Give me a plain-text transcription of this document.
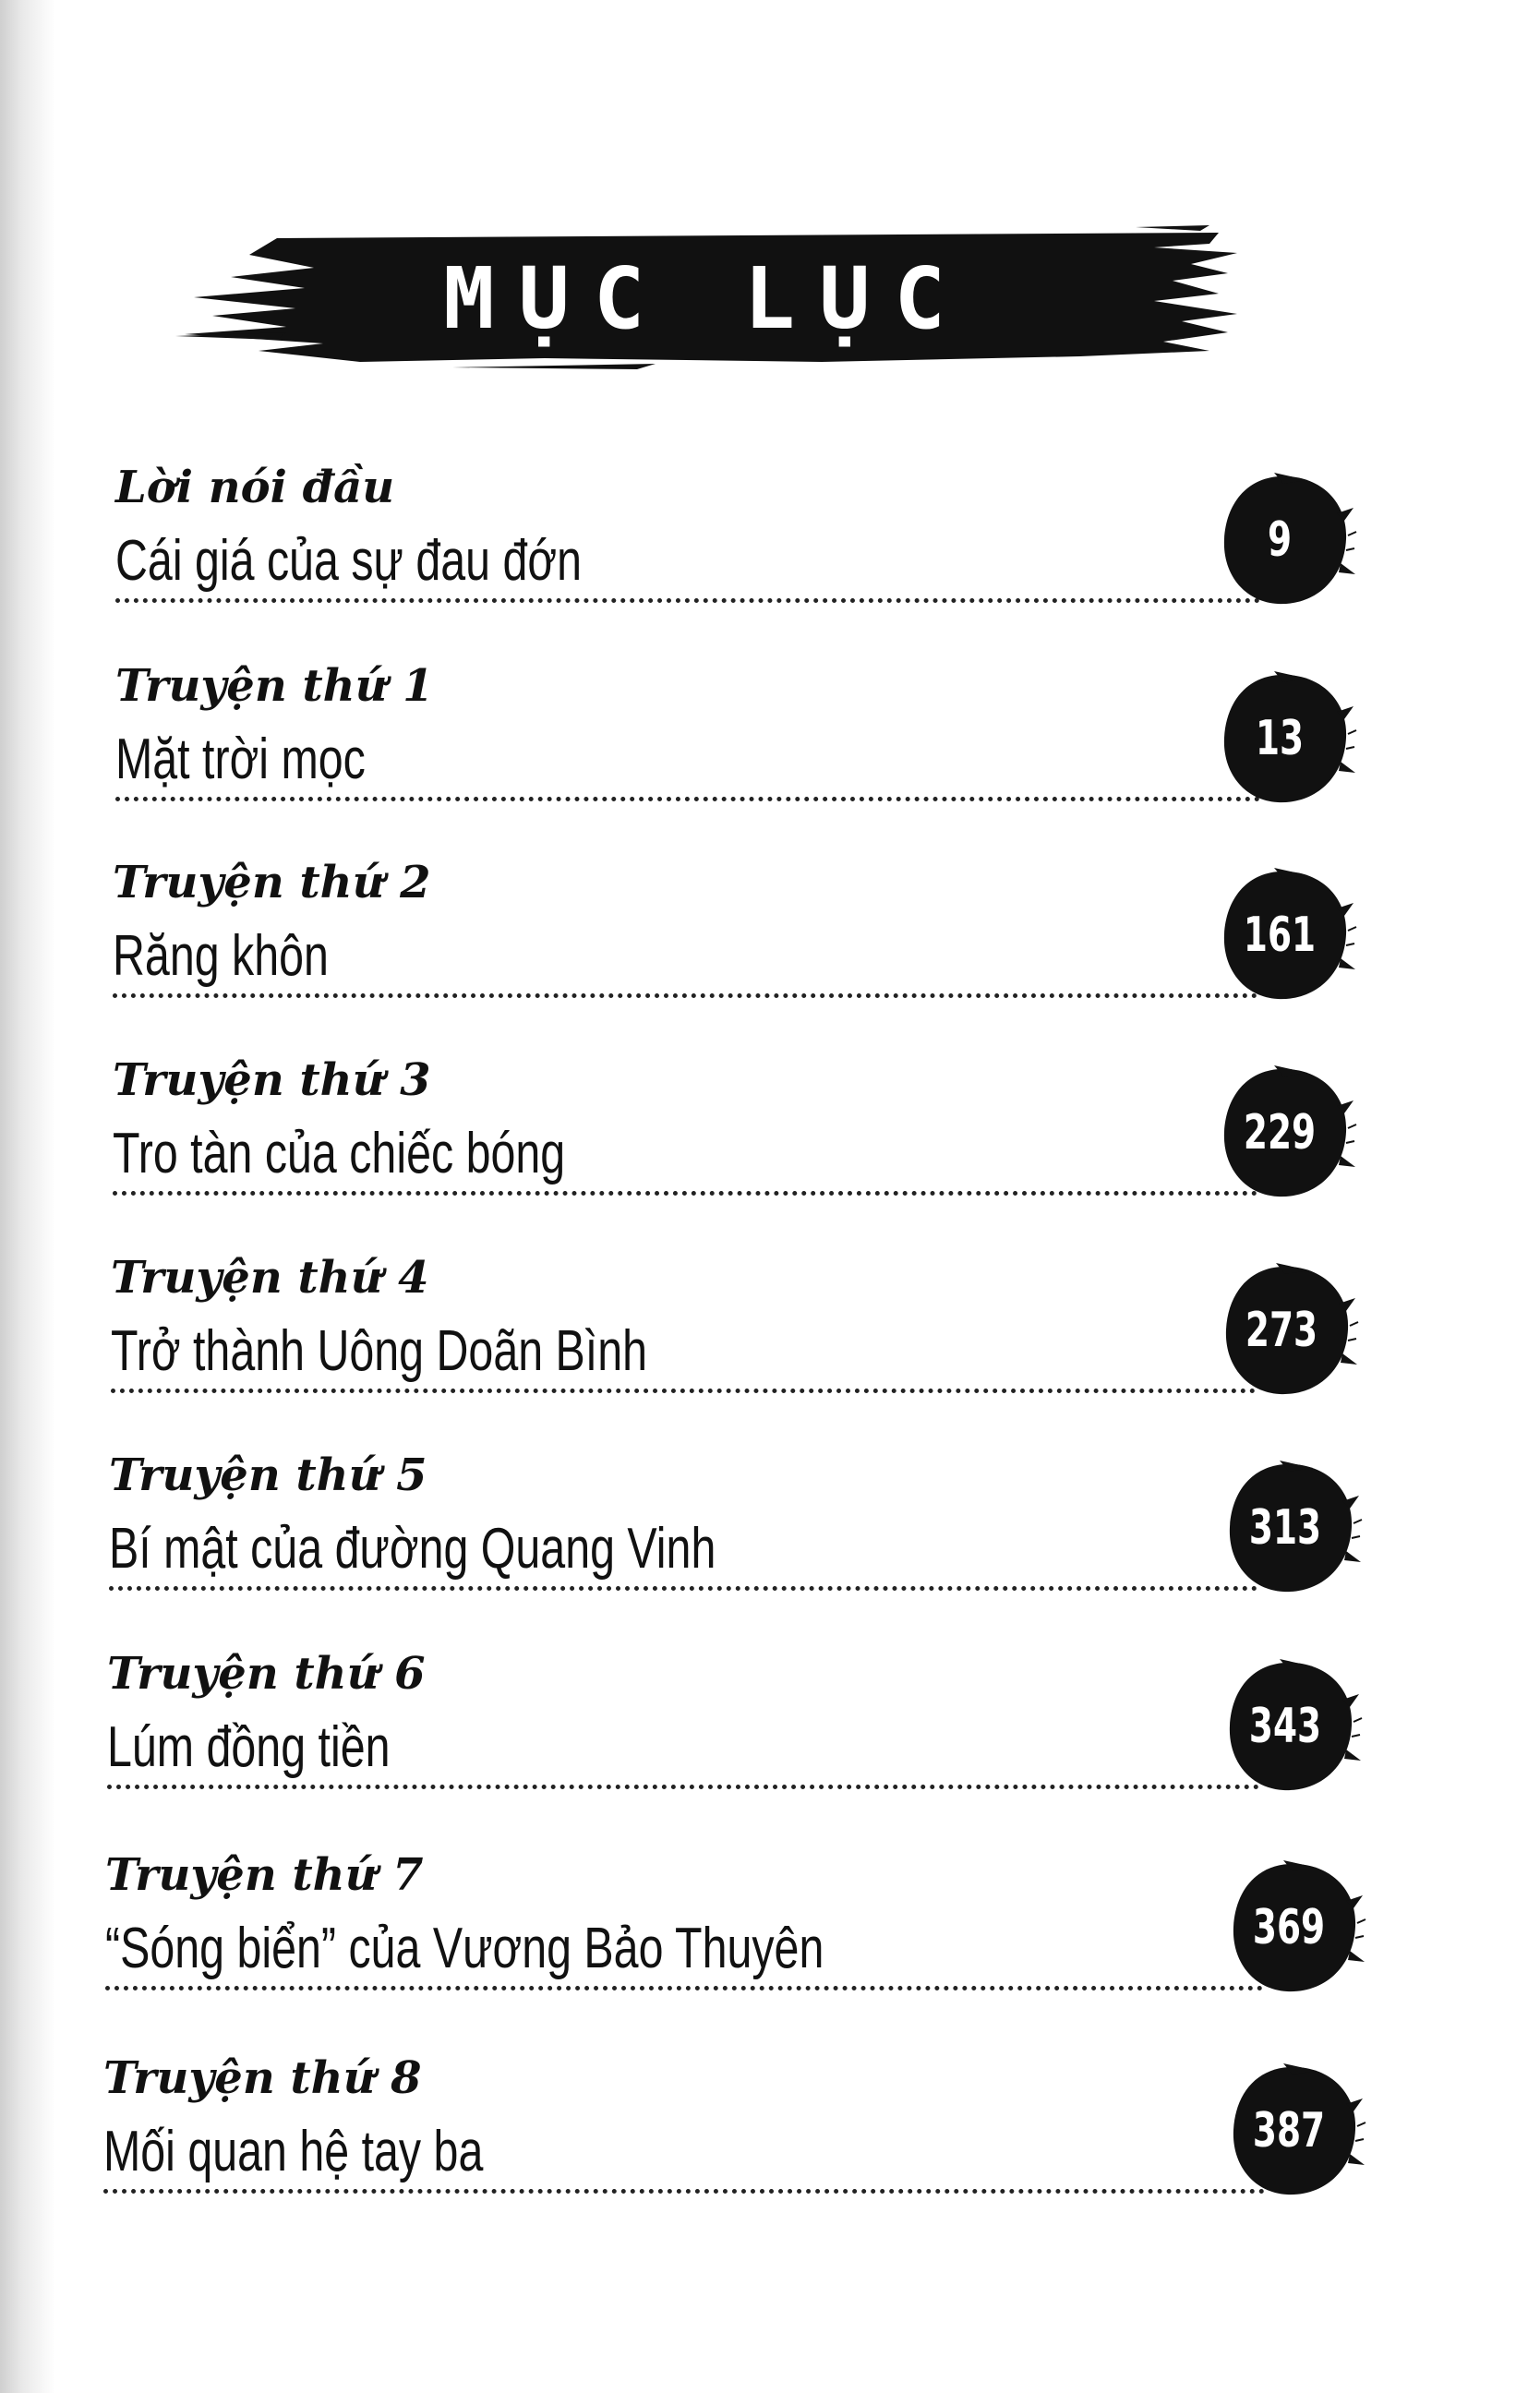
MỤC LỤC
Lời nói đầu
Cái giá của sự đau đớn	9
Truyện thứ 1
Mặt trời mọc	13
Truyện thứ 2
Răng khôn	161
Truyện thứ 3
Tro tàn của chiếc bóng	229
Truyện thứ 4
Trở thành Uông Doãn Bình	273
Truyện thứ 5
Bí mật của đường Quang Vinh	313
Truyện thứ 6
Lúm đồng tiền	343
Truyện thứ 7
“Sóng biển” của Vương Bảo Thuyên	369
Truyện thứ 8
Mối quan hệ tay ba	387
